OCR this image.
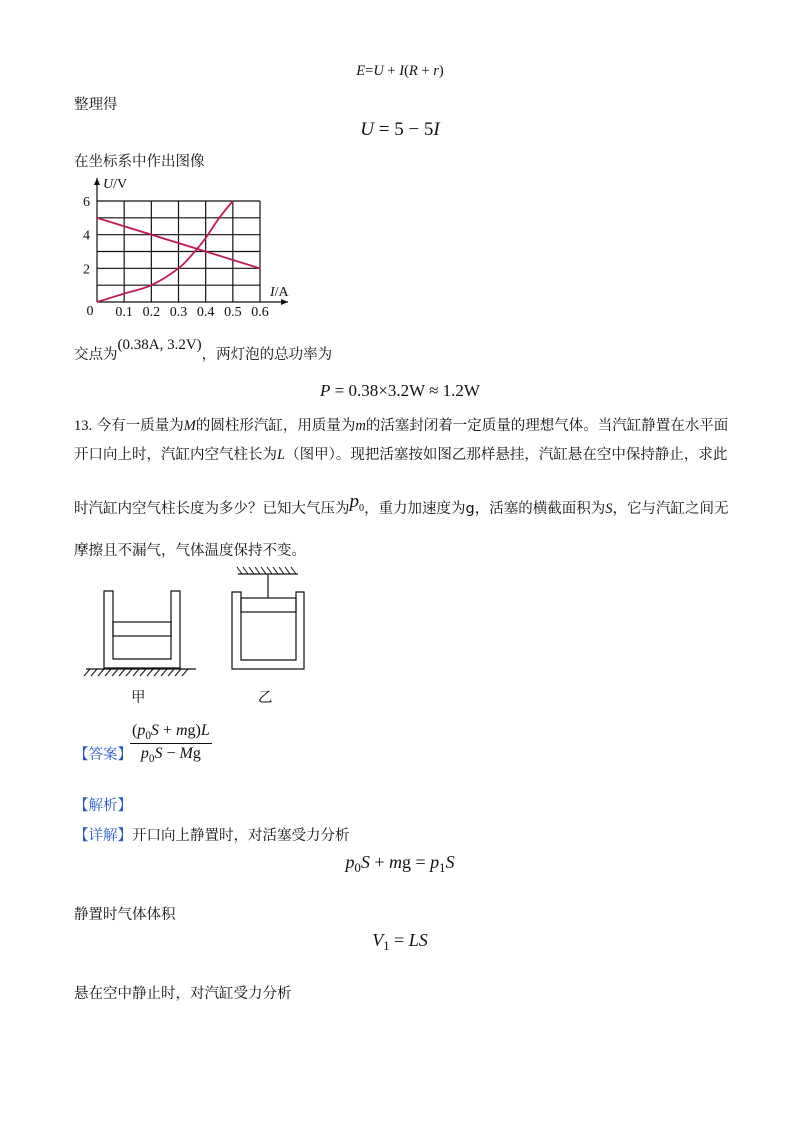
E=U + I(R + r)
整理得
U = 5 − 5I
在坐标系中作出图像
0.1 0.2 0.3 0.4 0.5 0.6
2
4
6
0
U/V
I/A
交点为(0.38A, 3.2V)，两灯泡的总功率为
P = 0.38×3.2W ≈ 1.2W
13. 今有一质量为M的圆柱形汽缸，用质量为m的活塞封闭着一定质量的理想气体。当汽缸静置在水平面
开口向上时，汽缸内空气柱长为L（图甲）。现把活塞按如图乙那样悬挂，汽缸悬在空中保持静止，求此
时汽缸内空气柱长度为多少？已知大气压为$p_0$，重力加速度为g，活塞的横截面积为S，它与汽缸之间无
摩擦且不漏气，气体温度保持不变。
甲	乙
【答案】
$\frac{(p_0S + mg)L}{p_0S - Mg}$
【解析】
【详解】开口向上静置时，对活塞受力分析
$p_0S$ + mg = $p_1S$
静置时气体体积
$V_1$ = LS
悬在空中静止时，对汽缸受力分析
